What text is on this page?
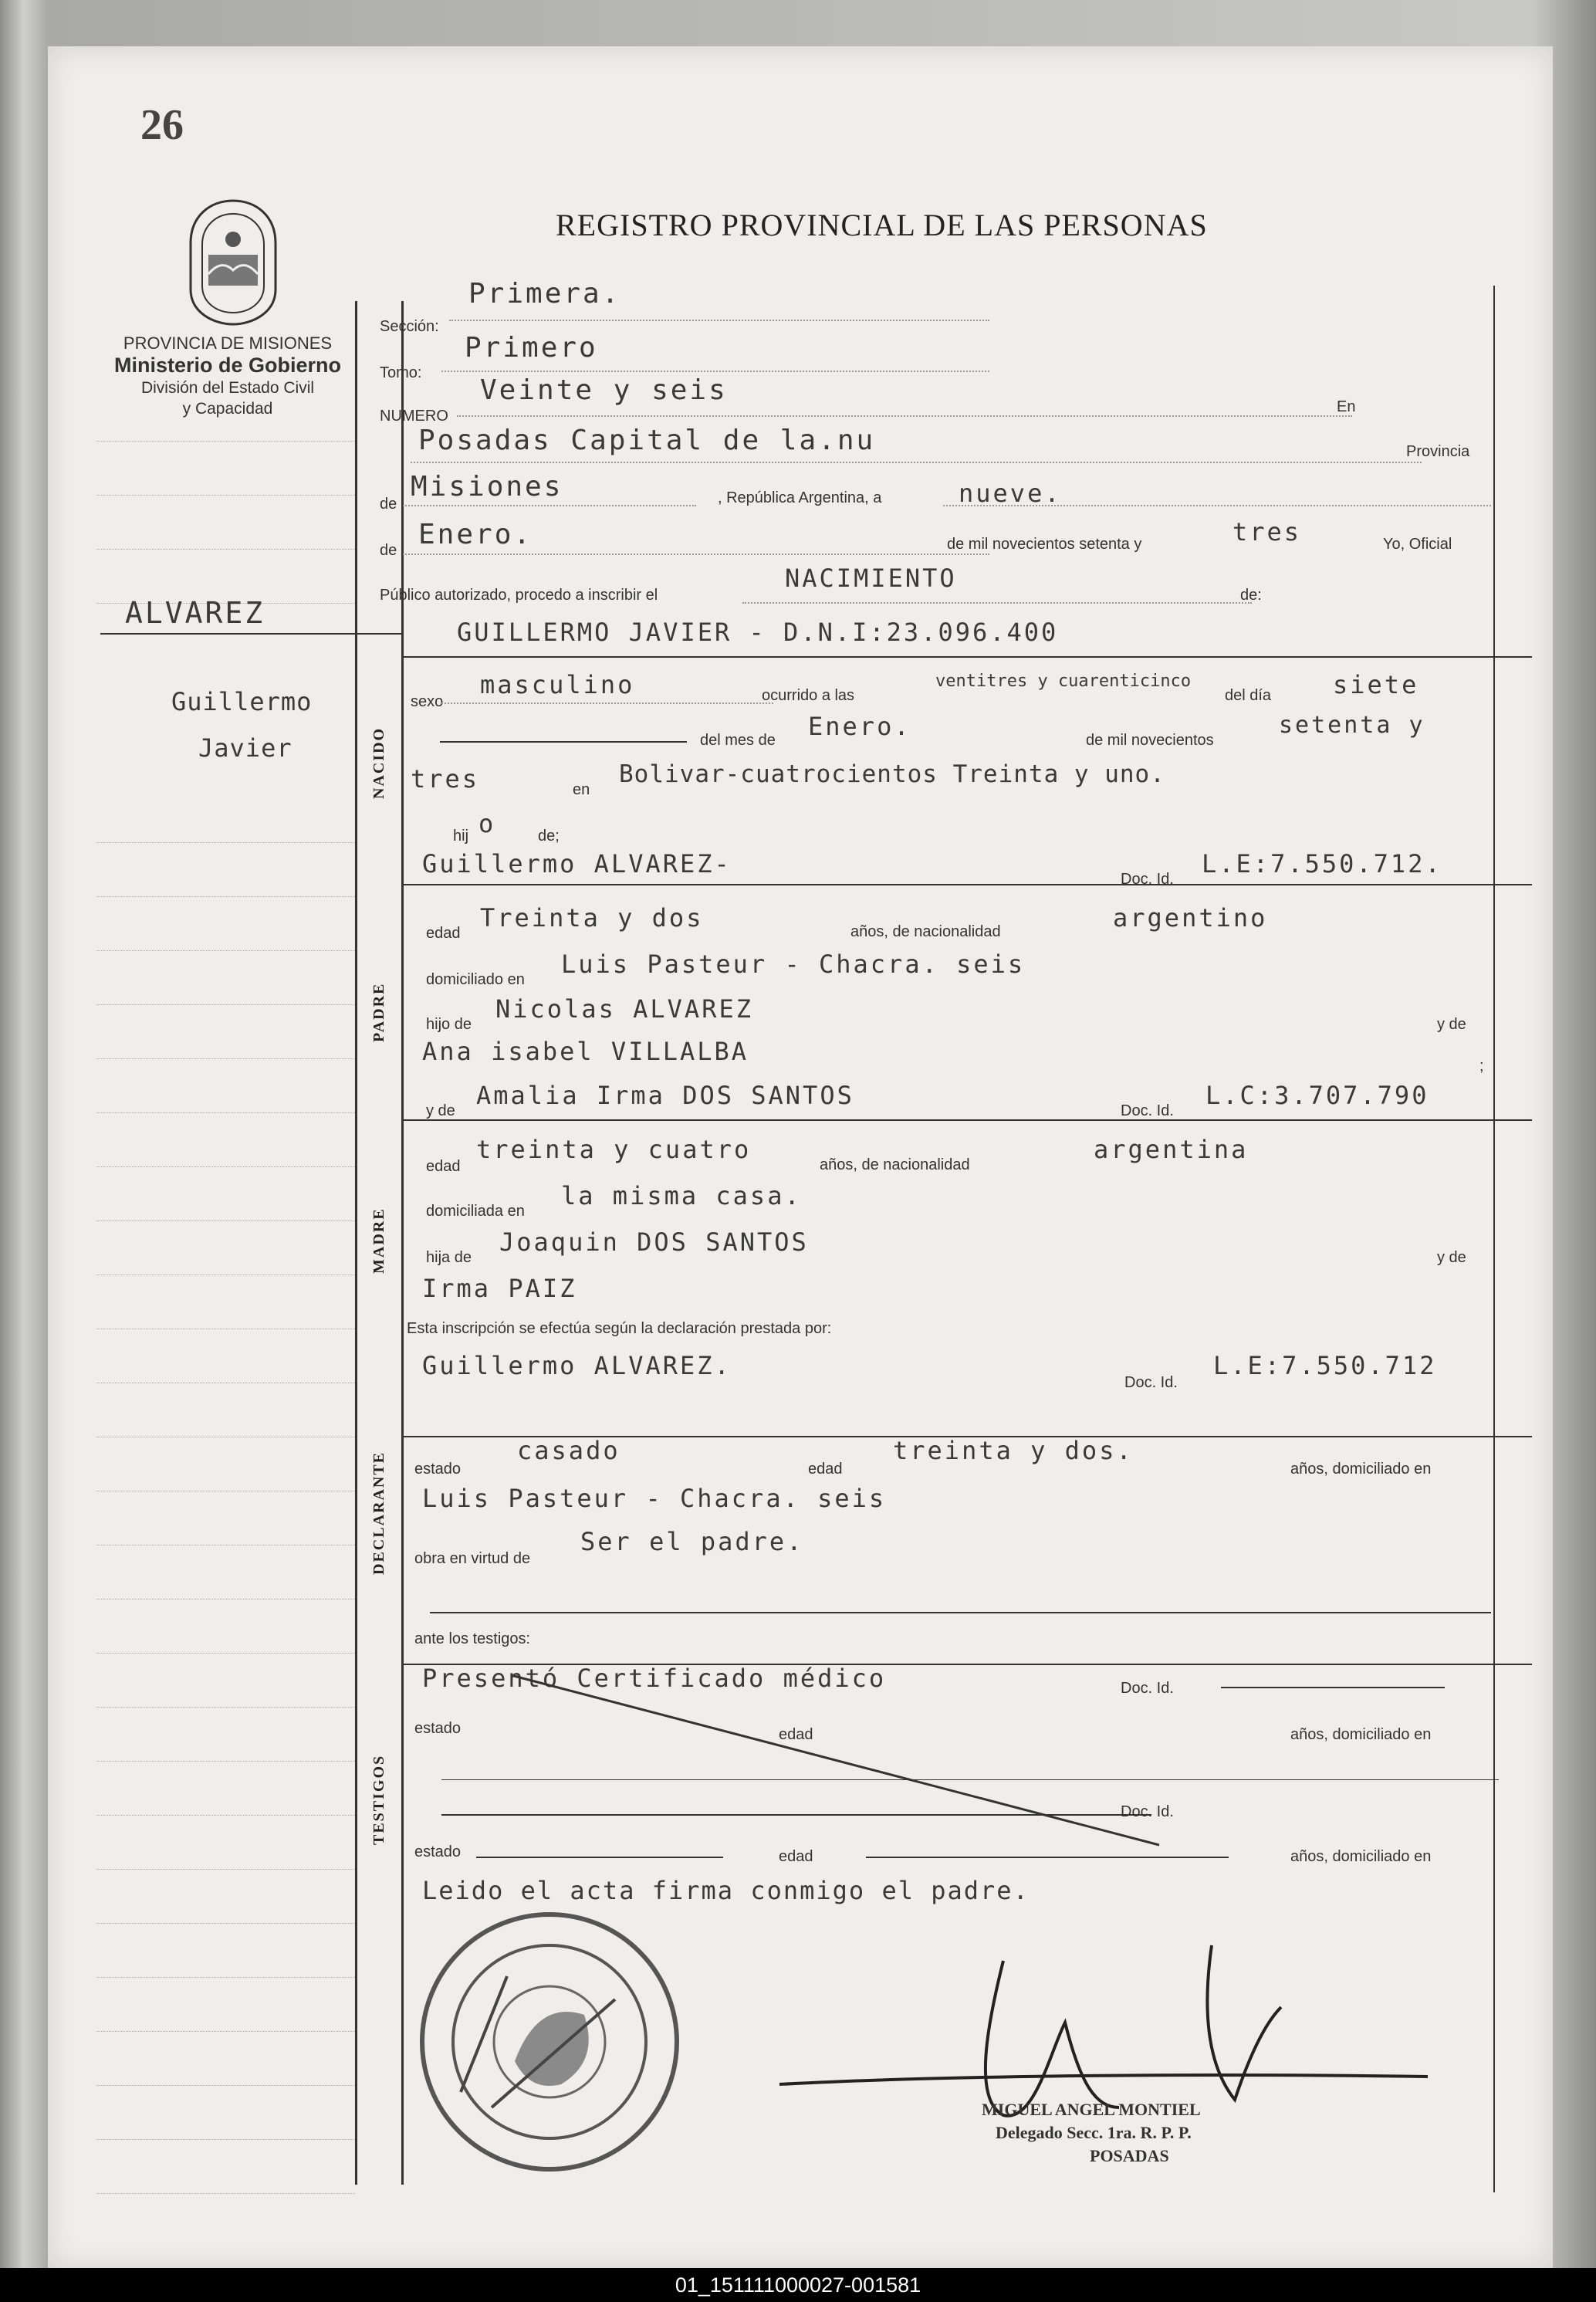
26
PROVINCIA DE MISIONES
Ministerio de Gobierno
División del Estado Civil
y Capacidad
REGISTRO PROVINCIAL DE LAS PERSONAS
ALVAREZ
Guillermo
Javier
Sección:
Primera.
Tomo:
Primero
NUMERO
Veinte y seis
En
Posadas Capital de la.nu	Provincia
de
Misiones	, República Argentina, a	nueve.
de Enero.	de mil novecientos setenta y	tres	Yo, Oficial
Público autorizado, procedo a inscribir el
NACIMIENTO
de:
NACIDO
GUILLERMO JAVIER - D.N.I:23.096.400
sexo
masculino	ocurrido a las
ventitres y cuarenticinco
del día siete
del mes de Enero.	de mil novecientos
setenta y
tres	en
Bolivar-cuatrocientos Treinta y uno.
hij o	de;
PADRE
Guillermo ALVAREZ-
Doc. Id.
L.E:7.550.712.
edad
Treinta y dos	años, de nacionalidad	argentino
domiciliado en
Luis Pasteur - Chacra. seis
hijo de
Nicolas ALVAREZ
y de
Ana isabel VILLALBA	;
y de
Amalia Irma DOS SANTOS
Doc. Id.
L.C:3.707.790
MADRE
edad
treinta y cuatro
años, de nacionalidad
argentina
domiciliada en
la misma casa.
hija de
Joaquin DOS SANTOS
y de
Irma PAIZ
Esta inscripción se efectúa según la declaración prestada por:
DECLARANTE
Guillermo ALVAREZ.
Doc. Id.
L.E:7.550.712
estado
casado
edad
treinta y dos.
años, domiciliado en
Luis Pasteur - Chacra. seis
obra en virtud de
Ser el padre.
ante los testigos:
TESTIGOS
Presentó Certificado médico	Doc. Id.
estado	edad	años, domiciliado en
Doc. Id.
estado	edad	años, domiciliado en
Leido el acta firma conmigo el padre.
MIGUEL ANGEL MONTIEL
Delegado Secc. 1ra. R. P. P.
POSADAS
01_151111000027-001581
